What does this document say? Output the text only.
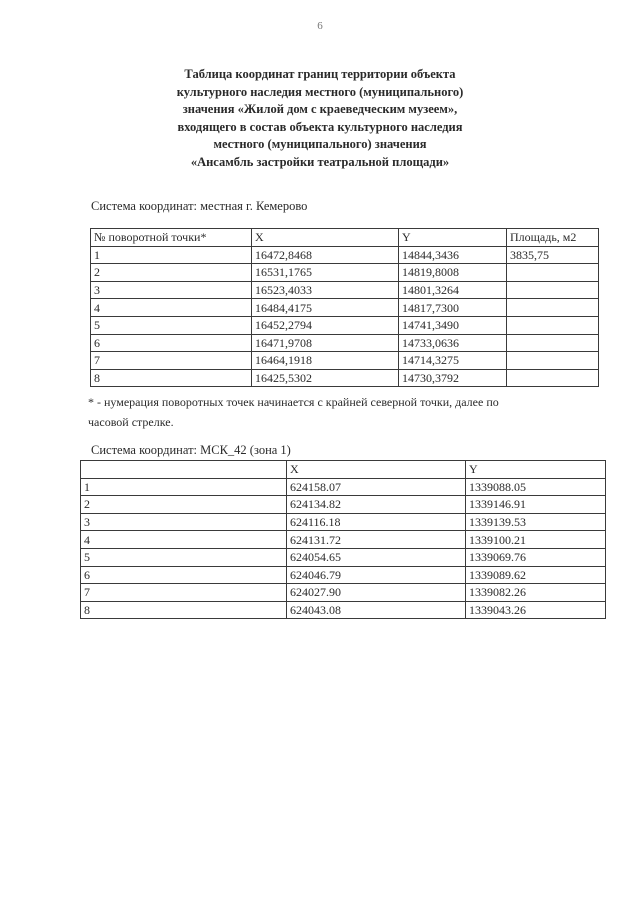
6
Таблица координат границ территории объекта
культурного наследия местного (муниципального)
значения «Жилой дом с краеведческим музеем»,
входящего в состав объекта культурного наследия
местного (муниципального) значения
«Ансамбль застройки театральной площади»
Система координат: местная г. Кемерово
№ поворотной точки*	X	Y	Площадь, м2
1	16472,8468	14844,3436	3835,75
2	16531,1765	14819,8008	
3	16523,4033	14801,3264	
4	16484,4175	14817,7300	
5	16452,2794	14741,3490	
6	16471,9708	14733,0636	
7	16464,1918	14714,3275	
8	16425,5302	14730,3792	
* - нумерация поворотных точек начинается с крайней северной точки, далее по
часовой стрелке.
Система координат: МСК_42 (зона 1)
	X	Y
1	624158.07	1339088.05
2	624134.82	1339146.91
3	624116.18	1339139.53
4	624131.72	1339100.21
5	624054.65	1339069.76
6	624046.79	1339089.62
7	624027.90	1339082.26
8	624043.08	1339043.26
